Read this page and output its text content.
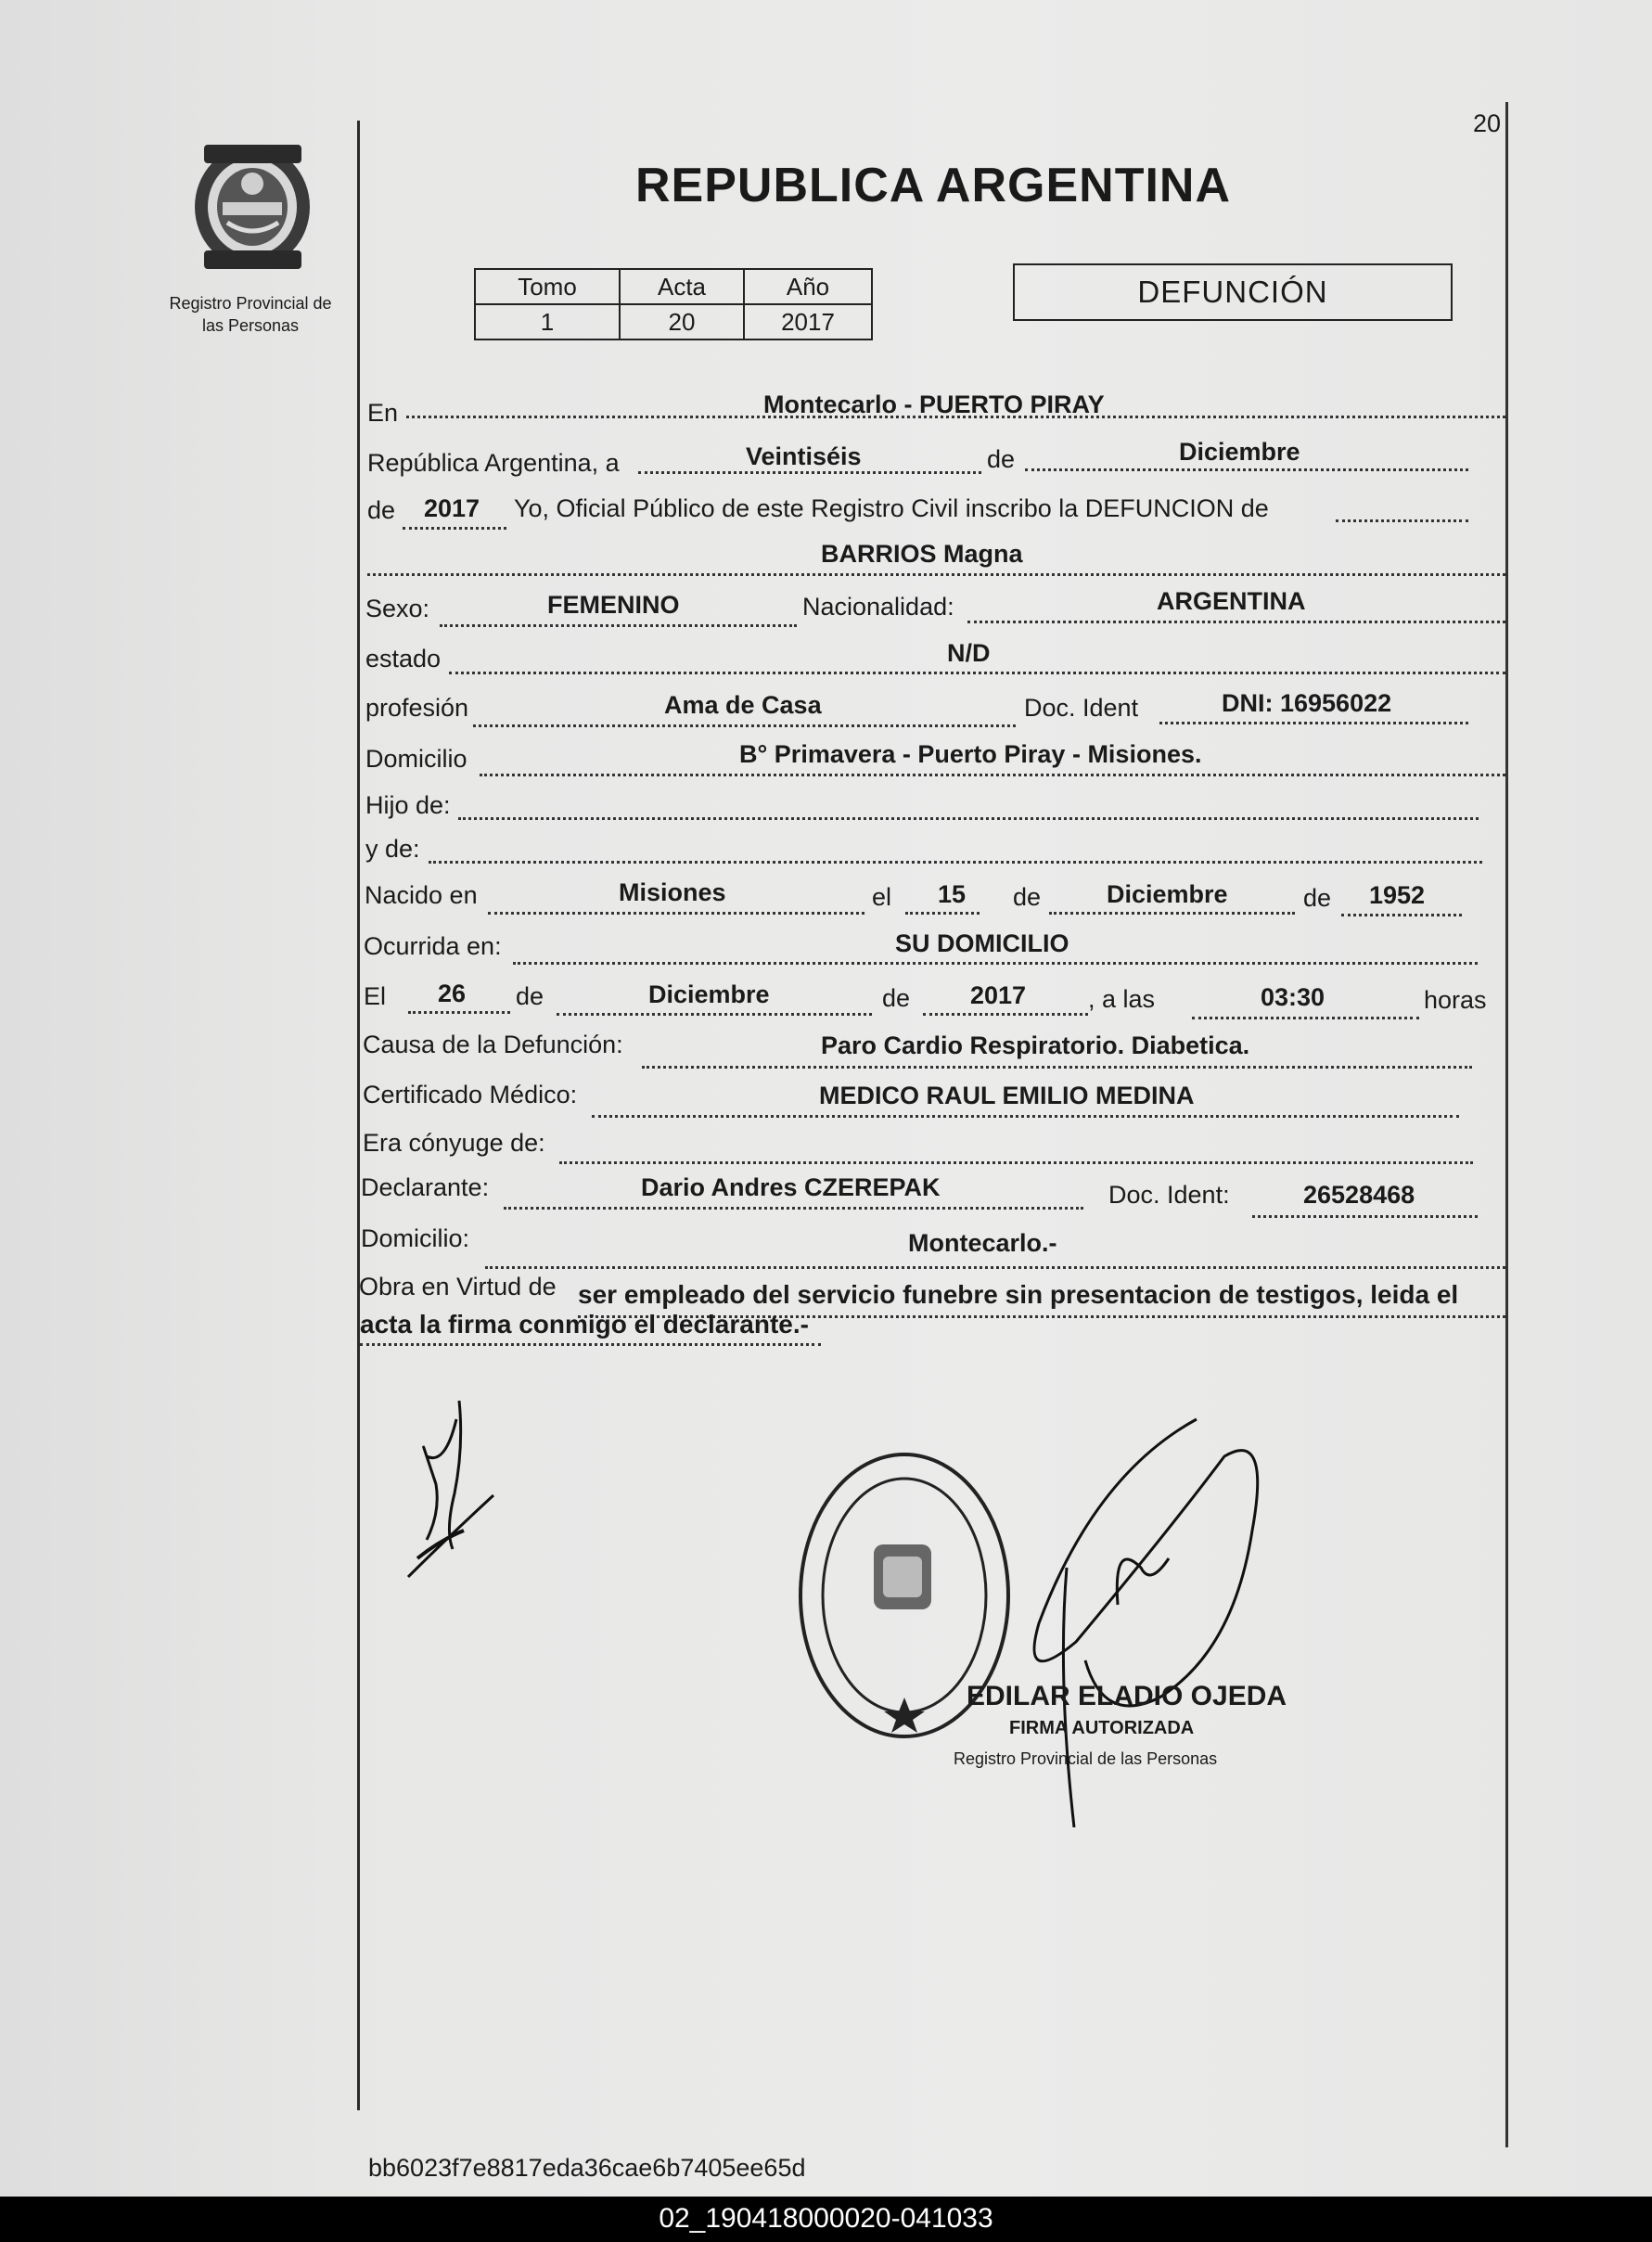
20
Registro Provincial de
las Personas
REPUBLICA ARGENTINA
Tomo	Acta	Año
1	20	2017
DEFUNCIÓN
En	Montecarlo - PUERTO PIRAY
República Argentina, a	Veintiséis	de	Diciembre
de 2017 Yo, Oficial Público de este Registro Civil inscribo la DEFUNCION de
BARRIOS Magna
Sexo:	FEMENINO	Nacionalidad:	ARGENTINA
estado	N/D
profesión	Ama de Casa	Doc. Ident	DNI: 16956022
Domicilio	B° Primavera - Puerto Piray - Misiones.
Hijo de:
y de:
Nacido en	Misiones	el 15 de	Diciembre	de 1952
Ocurrida en:	SU DOMICILIO
El 26 de	Diciembre	de 2017 , a las	03:30	horas
Causa de la Defunción:	Paro Cardio Respiratorio. Diabetica.
Certificado Médico:	MEDICO RAUL EMILIO MEDINA
Era cónyuge de:
Declarante:	Dario Andres CZEREPAK	Doc. Ident:	26528468
Domicilio:	Montecarlo.-
Obra en Virtud de ser empleado del servicio funebre sin presentacion de testigos, leida el
acta la firma conmigo el declarante.-
EDILAR ELADIO OJEDA
FIRMA AUTORIZADA
Registro Provincial de las Personas
bb6023f7e8817eda36cae6b7405ee65d
02_190418000020-041033
